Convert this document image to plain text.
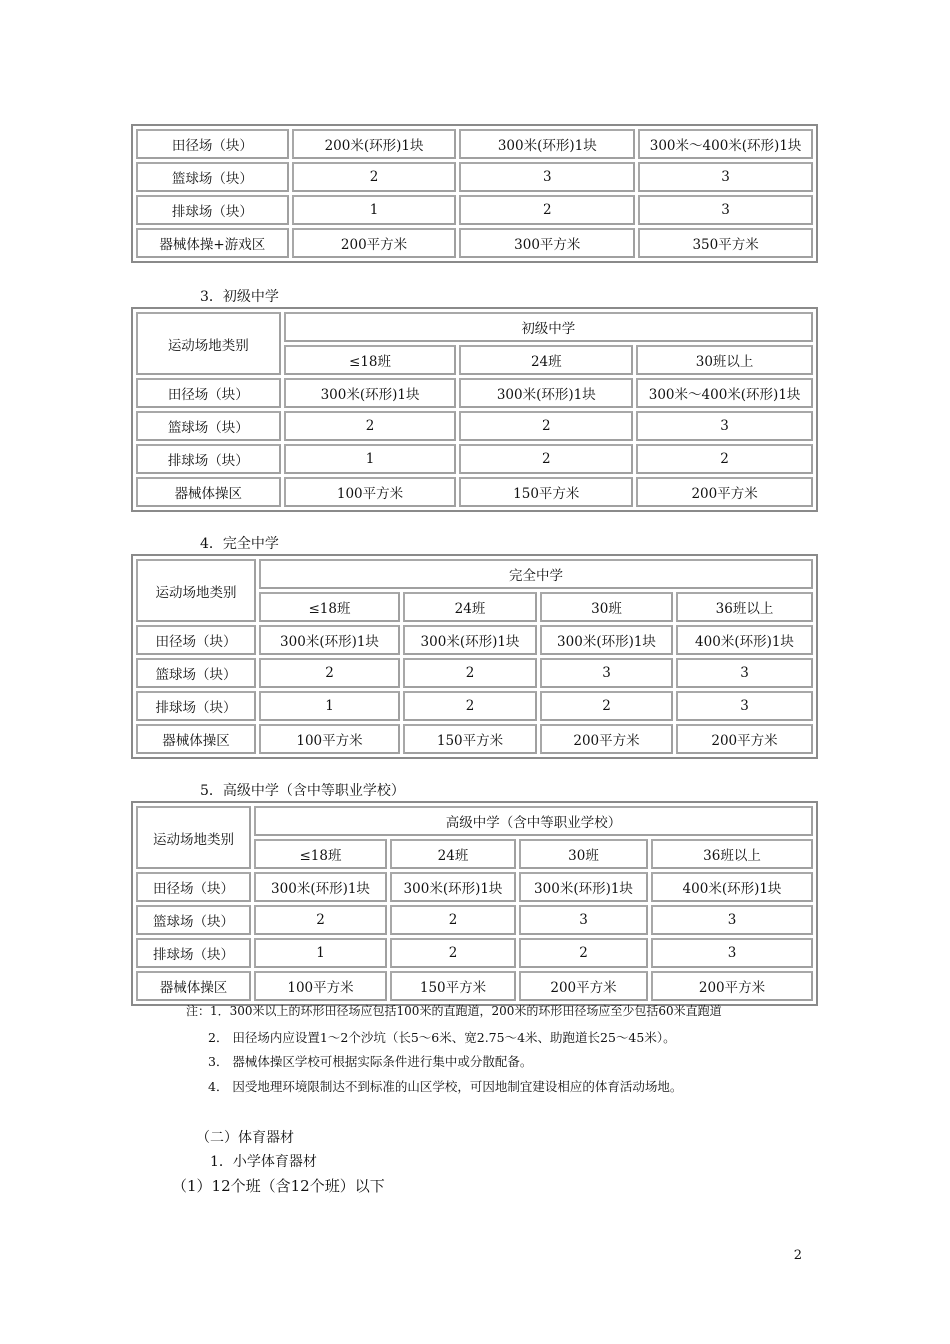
田径场（块）	200米(环形)1块	300米(环形)1块	300米～400米(环形)1块
篮球场（块）	2	3	3
排球场（块）	1	2	3
器械体操+游戏区	200平方米	300平方米	350平方米
3．初级中学
运动场地类别	初级中学		
	≤18班	24班	30班以上
田径场（块）	300米(环形)1块	300米(环形)1块	300米～400米(环形)1块
篮球场（块）	2	2	3
排球场（块）	1	2	2
器械体操区	100平方米	150平方米	200平方米
4．完全中学
运动场地类别	完全中学			
	≤18班	24班	30班	36班以上
田径场（块）	300米(环形)1块	300米(环形)1块	300米(环形)1块	400米(环形)1块
篮球场（块）	2	2	3	3
排球场（块）	1	2	2	3
器械体操区	100平方米	150平方米	200平方米	200平方米
5．高级中学（含中等职业学校）
运动场地类别	高级中学（含中等职业学校）			
	≤18班	24班	30班	36班以上
田径场（块）	300米(环形)1块	300米(环形)1块	300米(环形)1块	400米(环形)1块
篮球场（块）	2	2	3	3
排球场（块）	1	2	2	3
器械体操区	100平方米	150平方米	200平方米	200平方米
注：1．300米以上的环形田径场应包括100米的直跑道，200米的环形田径场应至少包括60米直跑道
2． 田径场内应设置1～2个沙坑（长5～6米、宽2.75～4米、助跑道长25～45米）。
3． 器械体操区学校可根据实际条件进行集中或分散配备。
4． 因受地理环境限制达不到标准的山区学校，可因地制宜建设相应的体育活动场地。
（二）体育器材
1．小学体育器材
（1）12个班（含12个班）以下
2
